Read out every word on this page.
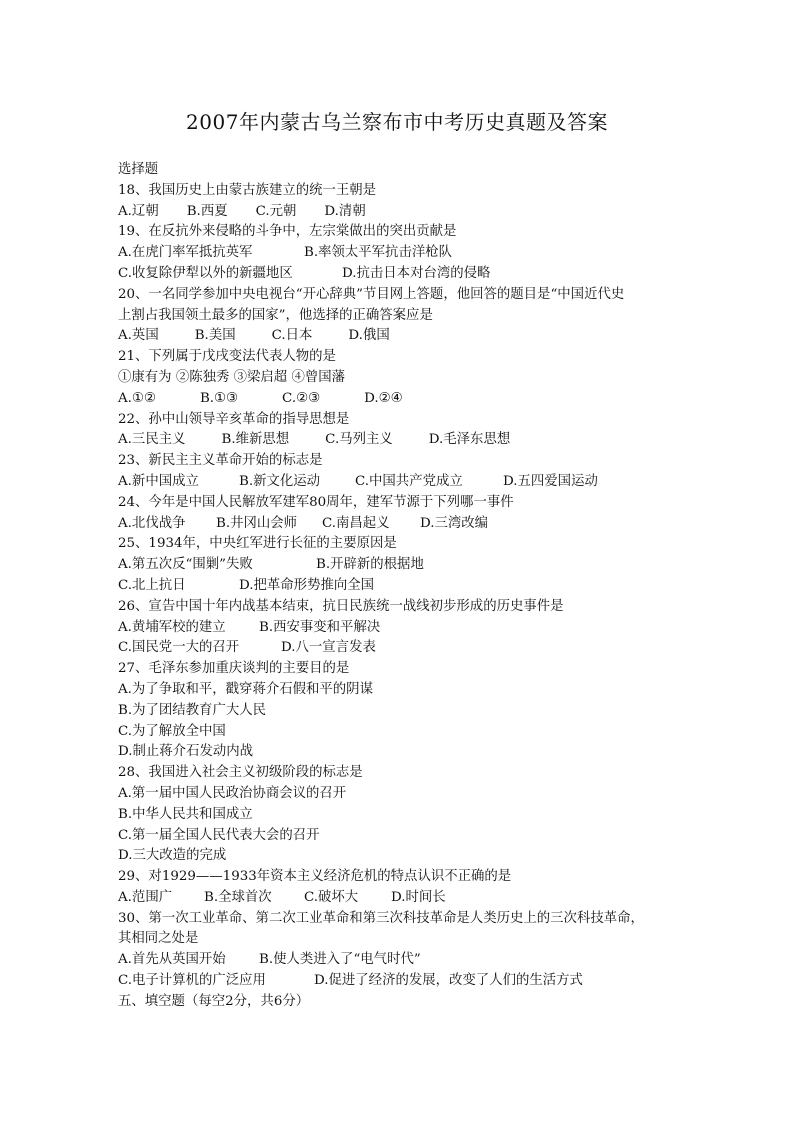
2007年内蒙古乌兰察布市中考历史真题及答案
选择题
18、我国历史上由蒙古族建立的统一王朝是
A.辽朝 B.西夏 C.元朝 D.清朝
19、在反抗外来侵略的斗争中，左宗棠做出的突出贡献是
A.在虎门率军抵抗英军	B.率领太平军抗击洋枪队
C.收复除伊犁以外的新疆地区	D.抗击日本对台湾的侵略
20、一名同学参加中央电视台“开心辞典”节目网上答题，他回答的题目是“中国近代史
上割占我国领土最多的国家”，他选择的正确答案应是
A.英国	B.美国	C.日本	D.俄国
21、下列属于戊戌变法代表人物的是
①康有为 ②陈独秀 ③梁启超 ④曾国藩
A.①②	B.①③	C.②③	D.②④
22、孙中山领导辛亥革命的指导思想是
A.三民主义	B.维新思想	C.马列主义	D.毛泽东思想
23、新民主主义革命开始的标志是
A.新中国成立	B.新文化运动	C.中国共产党成立	D.五四爱国运动
24、今年是中国人民解放军建军80周年，建军节源于下列哪一事件
A.北伐战争	B.井冈山会师	C.南昌起义	D.三湾改编
25、1934年，中央红军进行长征的主要原因是
A.第五次反“围剿”失败	B.开辟新的根据地
C.北上抗日	D.把革命形势推向全国
26、宣告中国十年内战基本结束，抗日民族统一战线初步形成的历史事件是
A.黄埔军校的建立	B.西安事变和平解决
C.国民党一大的召开	D.八一宣言发表
27、毛泽东参加重庆谈判的主要目的是
A.为了争取和平，戳穿蒋介石假和平的阴谋
B.为了团结教育广大人民
C.为了解放全中国
D.制止蒋介石发动内战
28、我国进入社会主义初级阶段的标志是
A.第一届中国人民政治协商会议的召开
B.中华人民共和国成立
C.第一届全国人民代表大会的召开
D.三大改造的完成
29、对1929——1933年资本主义经济危机的特点认识不正确的是
A.范围广	B.全球首次	C.破坏大	D.时间长
30、第一次工业革命、第二次工业革命和第三次科技革命是人类历史上的三次科技革命，
其相同之处是
A.首先从英国开始	B.使人类进入了“电气时代”
C.电子计算机的广泛应用	D.促进了经济的发展，改变了人们的生活方式
五、填空题（每空2分，共6分）
